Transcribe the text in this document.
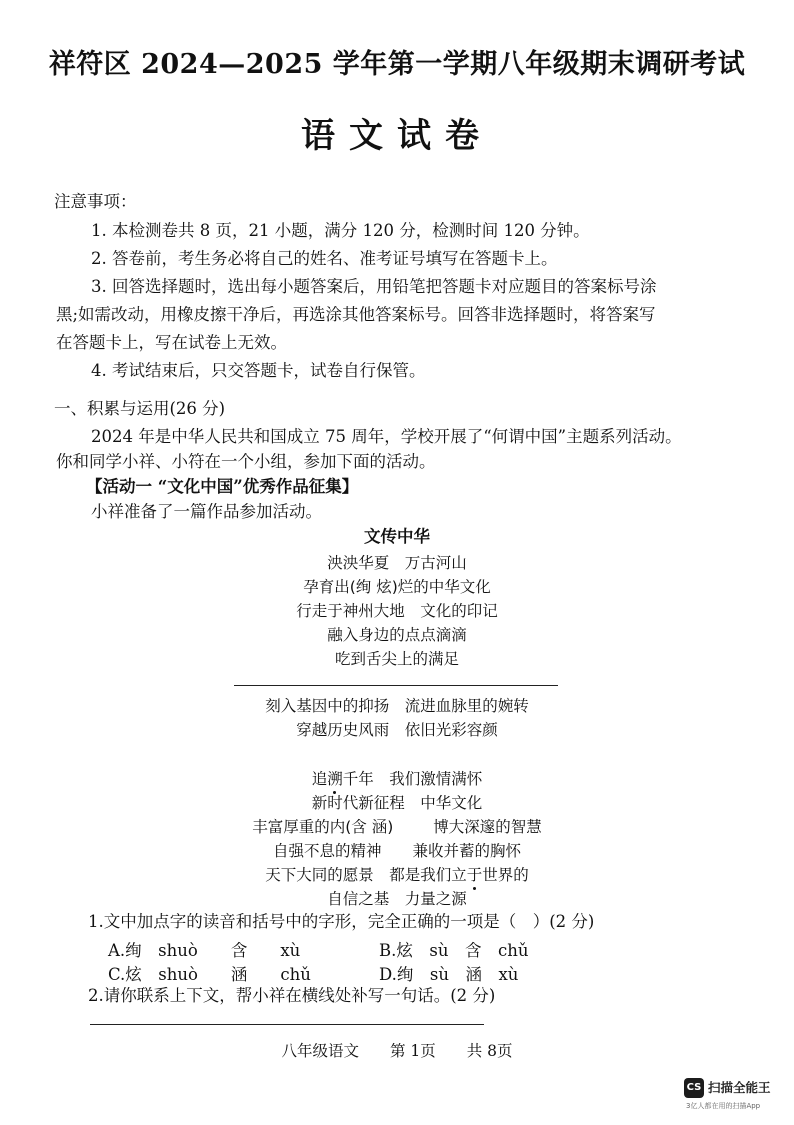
祥符区 2024—2025 学年第一学期八年级期末调研考试
语文试卷
注意事项：
1. 本检测卷共 8 页，21 小题，满分 120 分，检测时间 120 分钟。
2. 答卷前，考生务必将自己的姓名、准考证号填写在答题卡上。
3. 回答选择题时，选出每小题答案后，用铅笔把答题卡对应题目的答案标号涂
黑;如需改动，用橡皮擦干净后，再选涂其他答案标号。回答非选择题时，将答案写
在答题卡上，写在试卷上无效。
4. 考试结束后，只交答题卡，试卷自行保管。
一、积累与运用(26 分)
2024 年是中华人民共和国成立 75 周年，学校开展了“何谓中国”主题系列活动。
你和同学小祥、小符在一个小组，参加下面的活动。
【活动一 “文化中国”优秀作品征集】
小祥准备了一篇作品参加活动。
文传中华
泱泱华夏　万古河山
孕育出(绚 炫)烂的中华文化
行走于神州大地　文化的印记
融入身边的点点滴滴
吃到舌尖上的满足
刻入基因中的抑扬　流进血脉里的婉转
穿越历史风雨　依旧光彩容颜
追溯千年　我们激情满怀
新时代新征程　中华文化
丰富厚重的内(含 涵)	博大深邃的智慧
自强不息的精神　　兼收并蓄的胸怀
天下大同的愿景　都是我们立于世界的
自信之基　力量之源
1.文中加点字的读音和括号中的字形，完全正确的一项是（　）(2 分)
A.绚　shuò　　含　　xù	B.炫　sù　含　chǔ
C.炫　shuò　　涵　　chǔ	D.绚　sù　涵　xù
2.请你联系上下文，帮小祥在横线处补写一句话。(2 分)
八年级语文　　第 1页　　共 8页
CS 扫描全能王
3亿人都在用的扫描App
